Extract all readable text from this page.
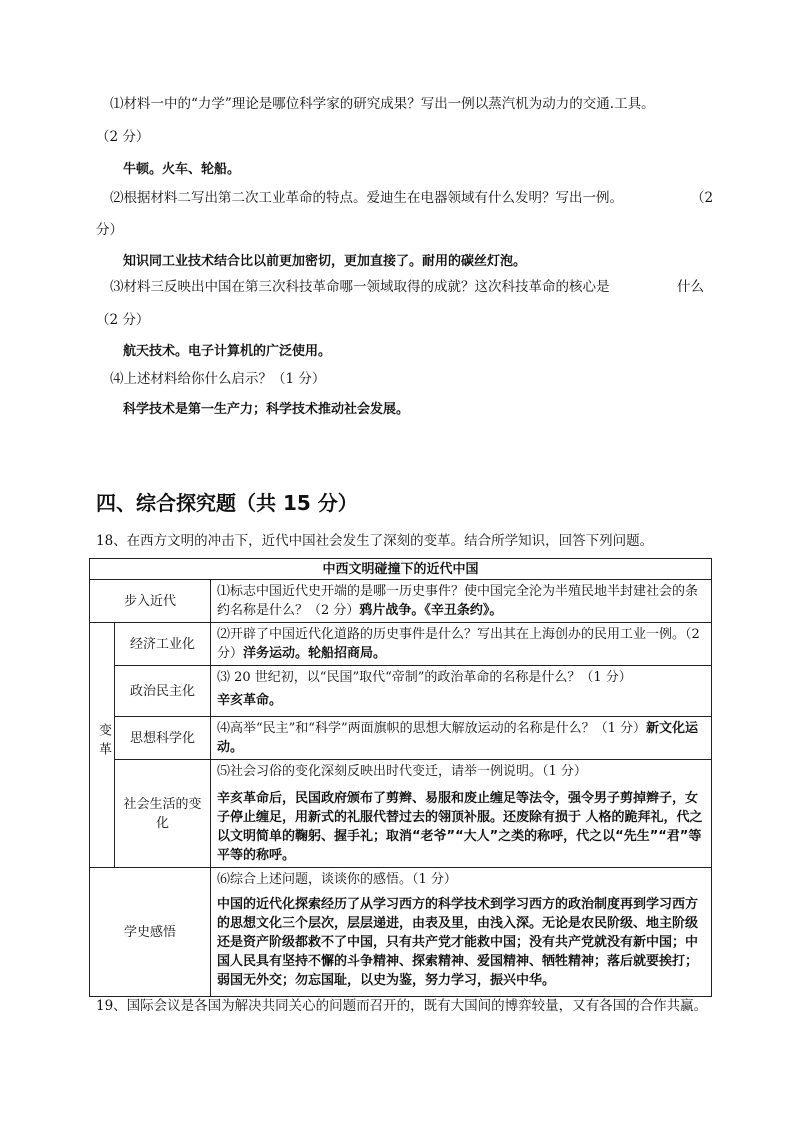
⑴材料一中的“力学”理论是哪位科学家的研究成果？写出一例以蒸汽机为动力的交通.工具。
（2 分）
牛顿。火车、轮船。
⑵根据材料二写出第二次工业革命的特点。爱迪生在电器领域有什么发明？写出一例。	（2
分）
知识同工业技术结合比以前更加密切，更加直接了。耐用的碳丝灯泡。
⑶材料三反映出中国在第三次科技革命哪一领域取得的成就？这次科技革命的核心是	什么
（2 分）
航天技术。电子计算机的广泛使用。
⑷上述材料给你什么启示？（1 分）
科学技术是第一生产力；科学技术推动社会发展。
四、综合探究题（共 15 分）
18、在西方文明的冲击下，近代中国社会发生了深刻的变革。结合所学知识，回答下列问题。
中西文明碰撞下的近代中国		
步入近代		⑴标志中国近代史开端的是哪一历史事件？使中国完全沦为半殖民地半封建社会的条约名称是什么？（2 分）鸦片战争。《辛丑条约》。
变革	经济工业化	⑵开辟了中国近代化道路的历史事件是什么？写出其在上海创办的民用工业一例。（2 分）洋务运动。轮船招商局。
	政治民主化	⑶ 20 世纪初，以“民国”取代“帝制”的政治革命的名称是什么？（1 分）
辛亥革命。

	思想科学化	⑷高举“民主”和“科学”两面旗帜的思想大解放运动的名称是什么？（1 分）新文化运动。
	社会生活的变化	⑸社会习俗的变化深刻反映出时代变迁，请举一例说明。（1 分）
辛亥革命后，民国政府颁布了剪辫、易服和废止缠足等法令，强令男子剪掉辫子，女子停止缠足，用新式的礼服代替过去的翎顶补服。还废除有损于 人格的跪拜礼，代之以文明简单的鞠躬、握手礼；取消“老爷”“大人”之类的称呼，代之以“先生”“君”等平等的称呼。

学史感悟		⑹综合上述问题，谈谈你的感悟。（1 分）
中国的近代化探索经历了从学习西方的科学技术到学习西方的政治制度再到学习西方的思想文化三个层次，层层递进，由表及里，由浅入深。无论是农民阶级、地主阶级还是资产阶级都救不了中国，只有共产党才能救中国；没有共产党就没有新中国；中国人民具有坚持不懈的斗争精神、探索精神、爱国精神、牺牲精神；落后就要挨打；弱国无外交；勿忘国耻，以史为鉴，努力学习，振兴中华。
19、国际会议是各国为解决共同关心的问题而召开的，既有大国间的博弈较量，又有各国的合作共赢。
